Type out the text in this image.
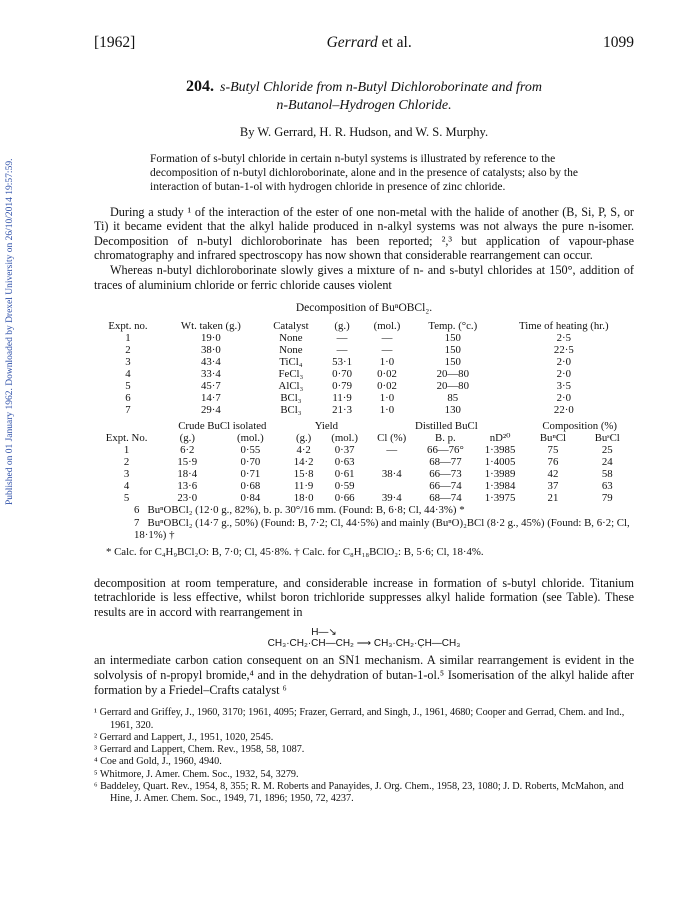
Published on 01 January 1962. Downloaded by Drexel University on 26/10/2014 19:57:59.
[1962]	Gerrard et al.	1099
204. s-Butyl Chloride from n-Butyl Dichloroborinate and from
n-Butanol–Hydrogen Chloride.
By W. Gerrard, H. R. Hudson, and W. S. Murphy.
Formation of s-butyl chloride in certain n-butyl systems is illustrated by reference to the decomposition of n-butyl dichloroborinate, alone and in the presence of catalysts; also by the interaction of butan-1-ol with hydrogen chloride in presence of zinc chloride.
During a study ¹ of the interaction of the ester of one non-metal with the halide of another (B, Si, P, S, or Ti) it became evident that the alkyl halide produced in n-alkyl systems was not always the pure n-isomer. Decomposition of n-butyl dichloroborinate has been reported; ²,³ but application of vapour-phase chromatography and infrared spectroscopy has now shown that considerable rearrangement can occur.
Whereas n-butyl dichloroborinate slowly gives a mixture of n- and s-butyl chlorides at 150°, addition of traces of aluminium chloride or ferric chloride causes violent
Decomposition of BuⁿOBCl₂.
Expt. no.	Wt. taken (g.)	Catalyst	(g.)	(mol.)	Temp. (°c.)	Time of heating (hr.)
1	19·0	None	—	—	150	2·5
2	38·0	None	—	—	150	22·5
3	43·4	TiCl₄	53·1	1·0	150	2·0
4	33·4	FeCl₃	0·70	0·02	20—80	2·0
5	45·7	AlCl₃	0·79	0·02	20—80	3·5
6	14·7	BCl₃	11·9	1·0	85	2·0
7	29·4	BCl₃	21·3	1·0	130	22·0
	Crude BuCl isolated		Yield		Distilled BuCl			Composition (%)	
Expt. No.	(g.)	(mol.)	(g.)	(mol.)	Cl (%)	B. p.	nD²⁰	BuⁿCl	BuˢCl
1	6·2	0·55	4·2	0·37	—	66—76°	1·3985	75	25
2	15·9	0·70	14·2	0·63		68—77	1·4005	76	24
3	18·4	0·71	15·8	0·61	38·4	66—73	1·3989	42	58
4	13·6	0·68	11·9	0·59		66—74	1·3984	37	63
5	23·0	0·84	18·0	0·66	39·4	68—74	1·3975	21	79
6 BuⁿOBCl₂ (12·0 g., 82%), b. p. 30°/16 mm. (Found: B, 6·8; Cl, 44·3%) *
7 BuⁿOBCl₂ (14·7 g., 50%) (Found: B, 7·2; Cl, 44·5%) and mainly (BuⁿO)₂BCl (8·2 g., 45%) (Found: B, 6·2; Cl, 18·1%) †
* Calc. for C₄H₉BCl₂O: B, 7·0; Cl, 45·8%. † Calc. for C₈H₁₈BClO₂: B, 5·6; Cl, 18·4%.
decomposition at room temperature, and considerable increase in formation of s-butyl chloride. Titanium tetrachloride is less effective, whilst boron trichloride suppresses alkyl halide formation (see Table). These results are in accord with rearrangement in
H—↘
CH₃·CH₂·CH—CH₂ ⟶ CH₃·CH₂·C̣H—CH₃
an intermediate carbon cation consequent on an SN1 mechanism. A similar rearrangement is evident in the solvolysis of n-propyl bromide,⁴ and in the dehydration of butan-1-ol.⁵ Isomerisation of the alkyl halide after formation by a Friedel–Crafts catalyst ⁶
¹ Gerrard and Griffey, J., 1960, 3170; 1961, 4095; Frazer, Gerrard, and Singh, J., 1961, 4680; Cooper and Gerrad, Chem. and Ind., 1961, 320.
² Gerrard and Lappert, J., 1951, 1020, 2545.
³ Gerrard and Lappert, Chem. Rev., 1958, 58, 1087.
⁴ Coe and Gold, J., 1960, 4940.
⁵ Whitmore, J. Amer. Chem. Soc., 1932, 54, 3279.
⁶ Baddeley, Quart. Rev., 1954, 8, 355; R. M. Roberts and Panayides, J. Org. Chem., 1958, 23, 1080; J. D. Roberts, McMahon, and Hine, J. Amer. Chem. Soc., 1949, 71, 1896; 1950, 72, 4237.
